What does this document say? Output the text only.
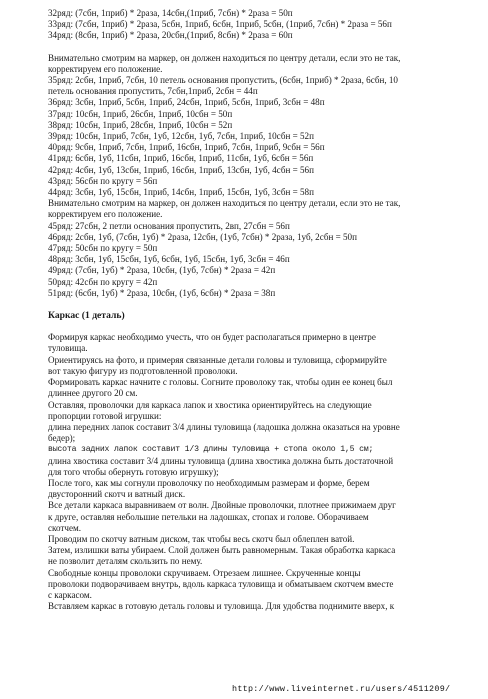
32ряд: (7сбн, 1приб) * 2раза, 14сбн,(1приб, 7сбн) * 2раза = 50п

33ряд: (7сбн, 1приб) * 2раза, 5сбн, 1приб, 6сбн, 1приб, 5сбн, (1приб, 7сбн) * 2раза = 56п

34ряд: (8сбн, 1приб) * 2раза, 20сбн,(1приб, 8сбн) * 2раза = 60п

Внимательно смотрим на маркер, он должен находиться по центру детали, если это не так,

корректируем его положение.

35ряд: 2сбн, 1приб, 7сбн, 10 петель основания пропустить, (6сбн, 1приб) * 2раза, 6сбн, 10

петель основания пропустить, 7сбн,1приб, 2сбн = 44п

36ряд: 3сбн, 1приб, 5сбн, 1приб, 24сбн, 1приб, 5сбн, 1приб, 3сбн = 48п

37ряд: 10сбн, 1приб, 26сбн, 1приб, 10сбн = 50п

38ряд: 10сбн, 1приб, 28сбн, 1приб, 10сбн = 52п

39ряд: 10сбн, 1приб, 7сбн, 1уб, 12сбн, 1уб, 7сбн, 1приб, 10сбн = 52п

40ряд: 9сбн, 1приб, 7сбн, 1приб, 16сбн, 1приб, 7сбн, 1приб, 9сбн = 56п

41ряд: 6сбн, 1уб, 11сбн, 1приб, 16сбн, 1приб, 11сбн, 1уб, 6сбн = 56п

42ряд: 4сбн, 1уб, 13сбн, 1приб, 16сбн, 1приб, 13сбн, 1уб, 4сбн = 56п

43ряд: 56сбн по кругу = 56п

44ряд: 3сбн, 1уб, 15сбн, 1приб, 14сбн, 1приб, 15сбн, 1уб, 3сбн = 58п

Внимательно смотрим на маркер, он должен находиться по центру детали, если это не так,

корректируем его положение.

45ряд: 27сбн, 2 петли основания пропустить, 2вп, 27сбн = 56п

46ряд: 2сбн, 1уб, (7сбн, 1уб) * 2раза, 12сбн, (1уб, 7сбн) * 2раза, 1уб, 2сбн = 50п

47ряд: 50сбн по кругу = 50п

48ряд: 3сбн, 1уб, 15сбн, 1уб, 6сбн, 1уб, 15сбн, 1уб, 3сбн = 46п

49ряд: (7сбн, 1уб) * 2раза, 10сбн, (1уб, 7сбн) * 2раза = 42п

50ряд: 42сбн по кругу = 42п

51ряд: (6сбн, 1уб) * 2раза, 10сбн, (1уб, 6сбн) * 2раза = 38п

Каркас (1 деталь)

Формируя каркас необходимо учесть, что он будет располагаться примерно в центре

туловища.

Ориентируясь на фото, и примеряя связанные детали головы и туловища, сформируйте

вот такую фигуру из подготовленной проволоки.

Формировать каркас начните с головы. Согните проволоку так, чтобы один ее конец был

длиннее другого 20 см.

Оставляя, проволочки для каркаса лапок и хвостика ориентируйтесь на следующие

пропорции готовой игрушки:

длина передних лапок составит 3/4 длины туловища (ладошка должна оказаться на уровне

бедер);

высота задних лапок составит 1/3 длины туловища + стопа около 1,5 см;

длина хвостика составит 3/4 длины туловища (длина хвостика должна быть достаточной

для того чтобы обернуть готовую игрушку);

После того, как мы согнули проволочку по необходимым размерам и форме, берем

двусторонний скотч и ватный диск.

Все детали каркаса выравниваем от волн. Двойные проволочки, плотнее прижимаем друг

к друге, оставляя небольшие петельки на ладошках, стопах и голове. Оборачиваем

скотчем.

Проводим по скотчу ватным диском, так чтобы весь скотч был облеплен ватой.

Затем, излишки ваты убираем. Слой должен быть равномерным. Такая обработка каркаса

не позволит деталям скользить по нему.

Свободные концы проволоки скручиваем. Отрезаем лишнее. Скрученные концы

проволоки подворачиваем внутрь, вдоль каркаса туловища и обматываем скотчем вместе

с каркасом.

Вставляем каркас в готовую деталь головы и туловища. Для удобства поднимите вверх, к

http://www.liveinternet.ru/users/4511209/
